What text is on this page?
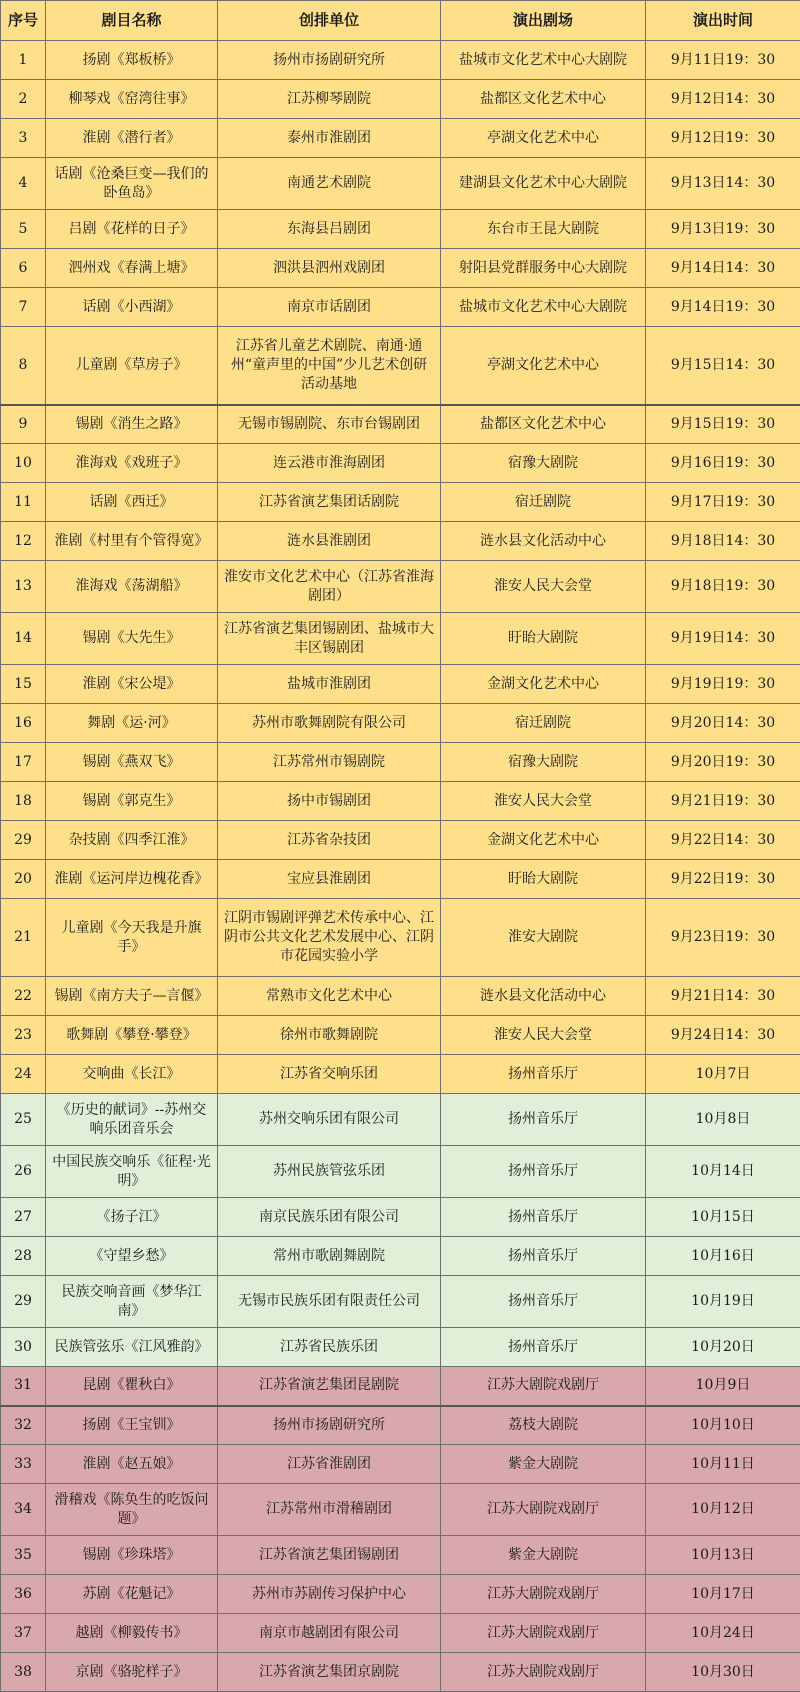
序号	剧目名称	创排单位	演出剧场	演出时间
1	扬剧《郑板桥》	扬州市扬剧研究所	盐城市文化艺术中心大剧院	9月11日19：30
2	柳琴戏《窑湾往事》	江苏柳琴剧院	盐都区文化艺术中心	9月12日14：30
3	淮剧《潜行者》	泰州市淮剧团	亭湖文化艺术中心	9月12日19：30
4	话剧《沧桑巨变—我们的卧鱼岛》	南通艺术剧院	建湖县文化艺术中心大剧院	9月13日14：30
5	吕剧《花样的日子》	东海县吕剧团	东台市王昆大剧院	9月13日19：30
6	泗州戏《春满上塘》	泗洪县泗州戏剧团	射阳县党群服务中心大剧院	9月14日14：30
7	话剧《小西湖》	南京市话剧团	盐城市文化艺术中心大剧院	9月14日19：30
8	儿童剧《草房子》	江苏省儿童艺术剧院、南通·通州“童声里的中国”少儿艺术创研活动基地	亭湖文化艺术中心	9月15日14：30
9	锡剧《消生之路》	无锡市锡剧院、东市台锡剧团	盐都区文化艺术中心	9月15日19：30
10	淮海戏《戏班子》	连云港市淮海剧团	宿豫大剧院	9月16日19：30
11	话剧《西迁》	江苏省演艺集团话剧院	宿迁剧院	9月17日19：30
12	淮剧《村里有个管得宽》	涟水县淮剧团	涟水县文化活动中心	9月18日14：30
13	淮海戏《荡湖船》	淮安市文化艺术中心（江苏省淮海剧团）	淮安人民大会堂	9月18日19：30
14	锡剧《大先生》	江苏省演艺集团锡剧团、盐城市大丰区锡剧团	盱眙大剧院	9月19日14：30
15	淮剧《宋公堤》	盐城市淮剧团	金湖文化艺术中心	9月19日19：30
16	舞剧《运·河》	苏州市歌舞剧院有限公司	宿迁剧院	9月20日14：30
17	锡剧《燕双飞》	江苏常州市锡剧院	宿豫大剧院	9月20日19：30
18	锡剧《郭克生》	扬中市锡剧团	淮安人民大会堂	9月21日19：30
29	杂技剧《四季江淮》	江苏省杂技团	金湖文化艺术中心	9月22日14：30
20	淮剧《运河岸边槐花香》	宝应县淮剧团	盱眙大剧院	9月22日19：30
21	儿童剧《今天我是升旗手》	江阴市锡剧评弹艺术传承中心、江阴市公共文化艺术发展中心、江阴市花园实验小学	淮安大剧院	9月23日19：30
22	锡剧《南方夫子—言偃》	常熟市文化艺术中心	涟水县文化活动中心	9月21日14：30
23	歌舞剧《攀登·攀登》	徐州市歌舞剧院	淮安人民大会堂	9月24日14：30
24	交响曲《长江》	江苏省交响乐团	扬州音乐厅	10月7日
25	《历史的献词》--苏州交响乐团音乐会	苏州交响乐团有限公司	扬州音乐厅	10月8日
26	中国民族交响乐《征程·光明》	苏州民族管弦乐团	扬州音乐厅	10月14日
27	《扬子江》	南京民族乐团有限公司	扬州音乐厅	10月15日
28	《守望乡愁》	常州市歌剧舞剧院	扬州音乐厅	10月16日
29	民族交响音画《梦华江南》	无锡市民族乐团有限责任公司	扬州音乐厅	10月19日
30	民族管弦乐《江风雅韵》	江苏省民族乐团	扬州音乐厅	10月20日
31	昆剧《瞿秋白》	江苏省演艺集团昆剧院	江苏大剧院戏剧厅	10月9日
32	扬剧《王宝钏》	扬州市扬剧研究所	荔枝大剧院	10月10日
33	淮剧《赵五娘》	江苏省淮剧团	紫金大剧院	10月11日
34	滑稽戏《陈奂生的吃饭问题》	江苏常州市滑稽剧团	江苏大剧院戏剧厅	10月12日
35	锡剧《珍珠塔》	江苏省演艺集团锡剧团	紫金大剧院	10月13日
36	苏剧《花魁记》	苏州市苏剧传习保护中心	江苏大剧院戏剧厅	10月17日
37	越剧《柳毅传书》	南京市越剧团有限公司	江苏大剧院戏剧厅	10月24日
38	京剧《骆驼样子》	江苏省演艺集团京剧院	江苏大剧院戏剧厅	10月30日
